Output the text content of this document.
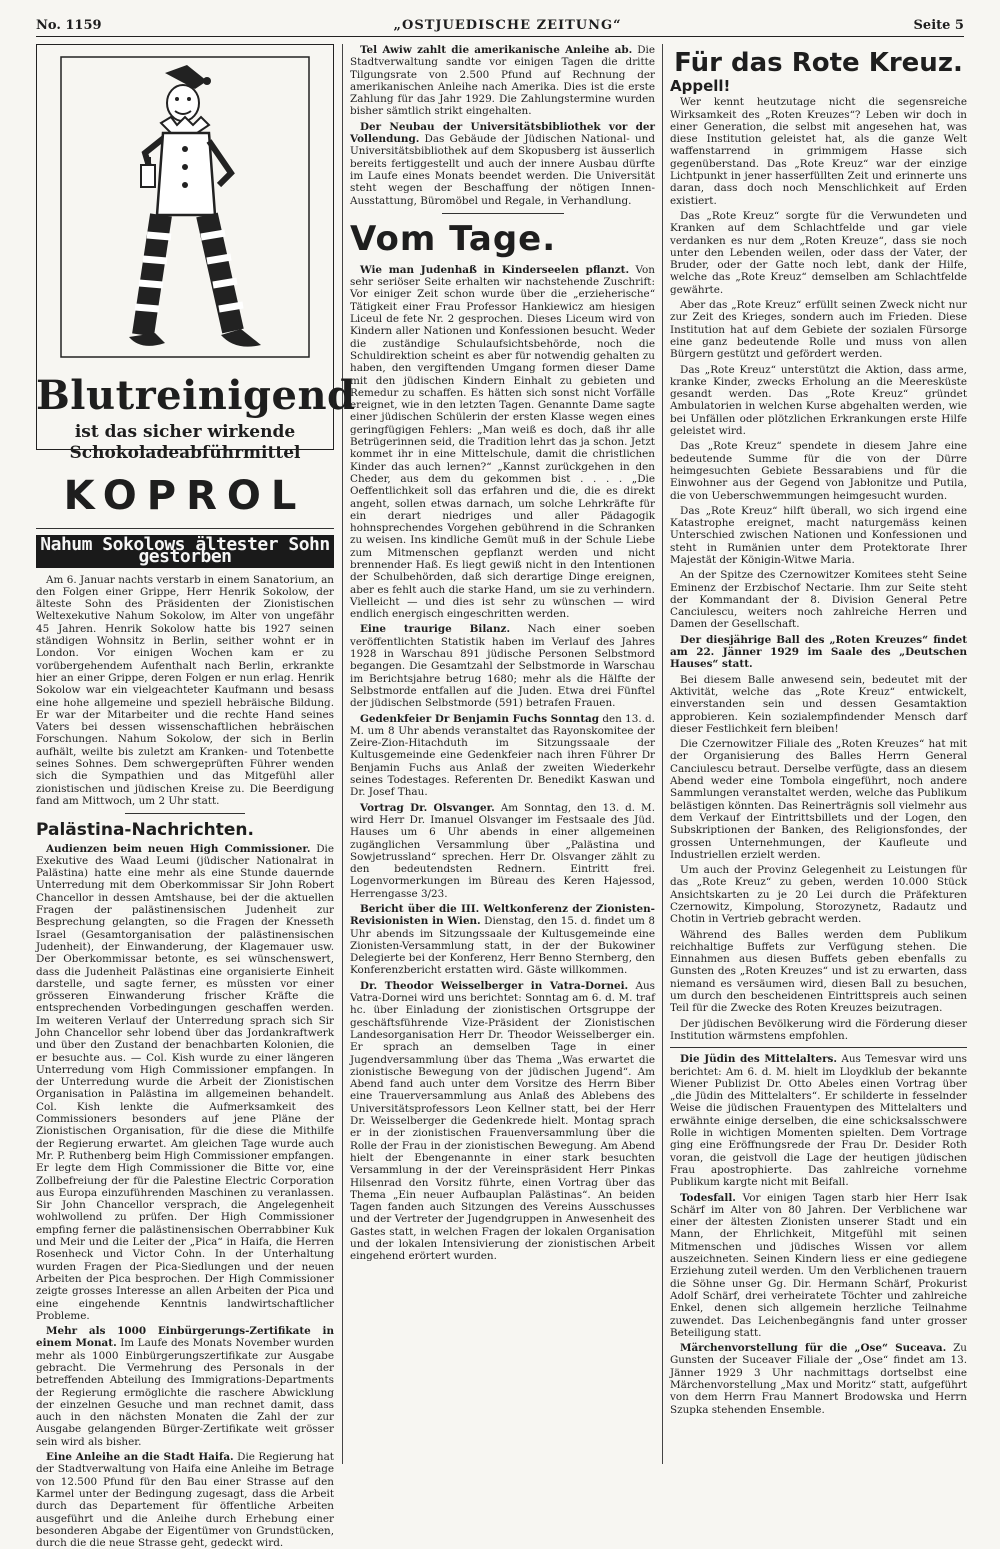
No. 1159	„OSTJUEDISCHE ZEITUNG“	Seite 5
Blutreinigend
ist das sicher wirkende
Schokoladeabführmittel
KOPROL
Nahum Sokolows ältester Sohn gestorben

Am 6. Januar nachts verstarb in einem Sanatorium, an den Folgen einer Grippe, Herr Henrik Sokolow, der älteste Sohn des Präsidenten der Zionistischen Weltexekutive Nahum Sokolow, im Alter von ungefähr 45 Jahren. Henrik Sokolow hatte bis 1927 seinen ständigen Wohnsitz in Berlin, seither wohnt er in London. Vor einigen Wochen kam er zu vorübergehendem Aufenthalt nach Berlin, erkrankte hier an einer Grippe, deren Folgen er nun erlag. Henrik Sokolow war ein vielgeachteter Kaufmann und besass eine hohe allgemeine und speziell hebräische Bildung. Er war der Mitarbeiter und die rechte Hand seines Vaters bei dessen wissenschaftlichen hebräischen Forschungen. Nahum Sokolow, der sich in Berlin aufhält, weilte bis zuletzt am Kranken- und Totenbette seines Sohnes. Dem schwergeprüften Führer wenden sich die Sympathien und das Mitgefühl aller zionistischen und jüdischen Kreise zu. Die Beerdigung fand am Mittwoch, um 2 Uhr statt.

Palästina-Nachrichten.

Audienzen beim neuen High Commissioner. Die Exekutive des Waad Leumi (jüdischer Nationalrat in Palästina) hatte eine mehr als eine Stunde dauernde Unterredung mit dem Oberkommissar Sir John Robert Chancellor in dessen Amtshause, bei der die aktuellen Fragen der palästinensischen Judenheit zur Besprechung gelangten, so die Fragen der Knesseth Israel (Gesamtorganisation der palästinensischen Judenheit), der Einwanderung, der Klagemauer usw. Der Oberkommissar betonte, es sei wünschenswert, dass die Judenheit Palästinas eine organisierte Einheit darstelle, und sagte ferner, es müssten vor einer grösseren Einwanderung frischer Kräfte die entsprechenden Vorbedingungen geschaffen werden. Im weiteren Verlauf der Unterredung sprach sich Sir John Chancellor sehr lobend über das Jordankraftwerk und über den Zustand der benachbarten Kolonien, die er besuchte aus. — Col. Kish wurde zu einer längeren Unterredung vom High Commissioner empfangen. In der Unterredung wurde die Arbeit der Zionistischen Organisation in Palästina im allgemeinen behandelt. Col. Kish lenkte die Aufmerksamkeit des Commissioners besonders auf jene Pläne der Zionistischen Organisation, für die diese die Mithilfe der Regierung erwartet. Am gleichen Tage wurde auch Mr. P. Ruthenberg beim High Commissioner empfangen. Er legte dem High Commissioner die Bitte vor, eine Zollbefreiung der für die Palestine Electric Corporation aus Europa einzuführenden Maschinen zu veranlassen. Sir John Chancellor versprach, die Angelegenheit wohlwollend zu prüfen. Der High Commissioner empfing ferner die palästinensischen Oberrabbiner Kuk und Meir und die Leiter der „Pica“ in Haifa, die Herren Rosenheck und Victor Cohn. In der Unterhaltung wurden Fragen der Pica-Siedlungen und der neuen Arbeiten der Pica besprochen. Der High Commissioner zeigte grosses Interesse an allen Arbeiten der Pica und eine eingehende Kenntnis landwirtschaftlicher Probleme.

Mehr als 1000 Einbürgerungs-Zertifikate in einem Monat. Im Laufe des Monats November wurden mehr als 1000 Einbürgerungszertifikate zur Ausgabe gebracht. Die Vermehrung des Personals in der betreffenden Abteilung des Immigrations-Departments der Regierung ermöglichte die raschere Abwicklung der einzelnen Gesuche und man rechnet damit, dass auch in den nächsten Monaten die Zahl der zur Ausgabe gelangenden Bürger-Zertifikate weit grösser sein wird als bisher.

Eine Anleihe an die Stadt Haifa. Die Regierung hat der Stadtverwaltung von Haifa eine Anleihe im Betrage von 12.500 Pfund für den Bau einer Strasse auf den Karmel unter der Bedingung zugesagt, dass die Arbeit durch das Departement für öffentliche Arbeiten ausgeführt und die Anleihe durch Erhebung einer besonderen Abgabe der Eigentümer von Grundstücken, durch die die neue Strasse geht, gedeckt wird.

Tel Awiw zahlt die amerikanische Anleihe ab. Die Stadtverwaltung sandte vor einigen Tagen die dritte Tilgungsrate von 2.500 Pfund auf Rechnung der amerikanischen Anleihe nach Amerika. Dies ist die erste Zahlung für das Jahr 1929. Die Zahlungstermine wurden bisher sämtlich strikt eingehalten.

Der Neubau der Universitätsbibliothek vor der Vollendung. Das Gebäude der Jüdischen National- und Universitätsbibliothek auf dem Skopusberg ist äusserlich bereits fertiggestellt und auch der innere Ausbau dürfte im Laufe eines Monats beendet werden. Die Universität steht wegen der Beschaffung der nötigen Innen-Ausstattung, Büromöbel und Regale, in Verhandlung.

Vom Tage.

Wie man Judenhaß in Kinderseelen pflanzt. Von sehr seriöser Seite erhalten wir nachstehende Zuschrift: Vor einiger Zeit schon wurde über die „erzieherische“ Tätigkeit einer Frau Professor Hankiewicz am hiesigen Liceul de fete Nr. 2 gesprochen. Dieses Liceum wird von Kindern aller Nationen und Konfessionen besucht. Weder die zuständige Schulaufsichtsbehörde, noch die Schuldirektion scheint es aber für notwendig gehalten zu haben, den vergiftenden Umgang formen dieser Dame mit den jüdischen Kindern Einhalt zu gebieten und Remedur zu schaffen. Es hätten sich sonst nicht Vorfälle ereignet, wie in den letzten Tagen. Genannte Dame sagte einer jüdischen Schülerin der ersten Klasse wegen eines geringfügigen Fehlers: „Man weiß es doch, daß ihr alle Betrügerinnen seid, die Tradition lehrt das ja schon. Jetzt kommet ihr in eine Mittelschule, damit die christlichen Kinder das auch lernen?“ „Kannst zurückgehen in den Cheder, aus dem du gekommen bist . . . . „Die Oeffentlichkeit soll das erfahren und die, die es direkt angeht, sollen etwas darnach, um solche Lehrkräfte für ein derart niedriges und aller Pädagogik hohnsprechendes Vorgehen gebührend in die Schranken zu weisen. Ins kindliche Gemüt muß in der Schule Liebe zum Mitmenschen gepflanzt werden und nicht brennender Haß. Es liegt gewiß nicht in den Intentionen der Schulbehörden, daß sich derartige Dinge ereignen, aber es fehlt auch die starke Hand, um sie zu verhindern. Vielleicht — und dies ist sehr zu wünschen — wird endlich energisch eingeschritten werden.

Eine traurige Bilanz. Nach einer soeben veröffentlichten Statistik haben im Verlauf des Jahres 1928 in Warschau 891 jüdische Personen Selbstmord begangen. Die Gesamtzahl der Selbstmorde in Warschau im Berichtsjahre betrug 1680; mehr als die Hälfte der Selbstmorde entfallen auf die Juden. Etwa drei Fünftel der jüdischen Selbstmorde (591) betrafen Frauen.

Gedenkfeier Dr Benjamin Fuchs Sonntag den 13. d. M. um 8 Uhr abends veranstaltet das Rayonskomitee der Zeire-Zion-Hitachduth im Sitzungssaale der Kultusgemeinde eine Gedenkfeier nach ihren Führer Dr Benjamin Fuchs aus Anlaß der zweiten Wiederkehr seines Todestages. Referenten Dr. Benedikt Kaswan und Dr. Josef Thau.

Vortrag Dr. Olsvanger. Am Sonntag, den 13. d. M. wird Herr Dr. Imanuel Olsvanger im Festsaale des Jüd. Hauses um 6 Uhr abends in einer allgemeinen zugänglichen Versammlung über „Palästina und Sowjetrussland“ sprechen. Herr Dr. Olsvanger zählt zu den bedeutendsten Rednern. Eintritt frei. Logenvormerkungen im Büreau des Keren Hajessod, Herrengasse 3/23.

Bericht über die III. Weltkonferenz der Zionisten-Revisionisten in Wien. Dienstag, den 15. d. findet um 8 Uhr abends im Sitzungssaale der Kultusgemeinde eine Zionisten-Versammlung statt, in der der Bukowiner Delegierte bei der Konferenz, Herr Benno Sternberg, den Konferenzbericht erstatten wird. Gäste willkommen.

Dr. Theodor Weisselberger in Vatra-Dornei. Aus Vatra-Dornei wird uns berichtet: Sonntag am 6. d. M. traf hc. über Einladung der zionistischen Ortsgruppe der geschäftsführende Vize-Präsident der Zionistischen Landesorganisation Herr Dr. Theodor Weisselberger ein. Er sprach an demselben Tage in einer Jugendversammlung über das Thema „Was erwartet die zionistische Bewegung von der jüdischen Jugend“. Am Abend fand auch unter dem Vorsitze des Herrn Biber eine Trauerversammlung aus Anlaß des Ablebens des Universitätsprofessors Leon Kellner statt, bei der Herr Dr. Weisselberger die Gedenkrede hielt. Montag sprach er in der zionistischen Frauenversammlung über die Rolle der Frau in der zionistischen Bewegung. Am Abend hielt der Ebengenannte in einer stark besuchten Versammlung in der der Vereinspräsident Herr Pinkas Hilsenrad den Vorsitz führte, einen Vortrag über das Thema „Ein neuer Aufbauplan Palästinas“. An beiden Tagen fanden auch Sitzungen des Vereins Ausschusses und der Vertreter der Jugendgruppen in Anwesenheit des Gastes statt, in welchen Fragen der lokalen Organisation und der lokalen Intensivierung der zionistischen Arbeit eingehend erörtert wurden.

Für das Rote Kreuz.
Appell!

Wer kennt heutzutage nicht die segensreiche Wirksamkeit des „Roten Kreuzes“? Leben wir doch in einer Generation, die selbst mit angesehen hat, was diese Institution geleistet hat, als die ganze Welt waffenstarrend in grimmigem Hasse sich gegenüberstand. Das „Rote Kreuz“ war der einzige Lichtpunkt in jener hasserfüllten Zeit und erinnerte uns daran, dass doch noch Menschlichkeit auf Erden existiert.

Das „Rote Kreuz“ sorgte für die Verwundeten und Kranken auf dem Schlachtfelde und gar viele verdanken es nur dem „Roten Kreuze“, dass sie noch unter den Lebenden weilen, oder dass der Vater, der Bruder, oder der Gatte noch lebt, dank der Hilfe, welche das „Rote Kreuz“ demselben am Schlachtfelde gewährte.

Aber das „Rote Kreuz“ erfüllt seinen Zweck nicht nur zur Zeit des Krieges, sondern auch im Frieden. Diese Institution hat auf dem Gebiete der sozialen Fürsorge eine ganz bedeutende Rolle und muss von allen Bürgern gestützt und gefördert werden.

Das „Rote Kreuz“ unterstützt die Aktion, dass arme, kranke Kinder, zwecks Erholung an die Meeresküste gesandt werden. Das „Rote Kreuz“ gründet Ambulatorien in welchen Kurse abgehalten werden, wie bei Unfällen oder plötzlichen Erkrankungen erste Hilfe geleistet wird.

Das „Rote Kreuz“ spendete in diesem Jahre eine bedeutende Summe für die von der Dürre heimgesuchten Gebiete Bessarabiens und für die Einwohner aus der Gegend von Jabłonitze und Putila, die von Ueberschwemmungen heimgesucht wurden.

Das „Rote Kreuz“ hilft überall, wo sich irgend eine Katastrophe ereignet, macht naturgemäss keinen Unterschied zwischen Nationen und Konfessionen und steht in Rumänien unter dem Protektorate Ihrer Majestät der Königin-Witwe Maria.

An der Spitze des Czernowitzer Komitees steht Seine Eminenz der Erzbischof Nectarie. Ihm zur Seite steht der Kommandant der 8. Division General Petre Canciulescu, weiters noch zahlreiche Herren und Damen der Gesellschaft.

Der diesjährige Ball des „Roten Kreuzes“ findet am 22. Jänner 1929 im Saale des „Deutschen Hauses“ statt.

Bei diesem Balle anwesend sein, bedeutet mit der Aktivität, welche das „Rote Kreuz“ entwickelt, einverstanden sein und dessen Gesamtaktion approbieren. Kein sozialempfindender Mensch darf dieser Festlichkeit fern bleiben!

Die Czernowitzer Filiale des „Roten Kreuzes“ hat mit der Organisierung des Balles Herrn General Canciulescu betraut. Derselbe verfügte, dass an diesem Abend weder eine Tombola eingeführt, noch andere Sammlungen veranstaltet werden, welche das Publikum belästigen könnten. Das Reinerträgnis soll vielmehr aus dem Verkauf der Eintrittsbillets und der Logen, den Subskriptionen der Banken, des Religionsfondes, der grossen Unternehmungen, der Kaufleute und Industriellen erzielt werden.

Um auch der Provinz Gelegenheit zu Leistungen für das „Rote Kreuz“ zu geben, werden 10.000 Stück Ansichtskarten zu je 20 Lei durch die Präfekturen Czernowitz, Kimpolung, Storozynetz, Radautz und Chotin in Vertrieb gebracht werden.

Während des Balles werden dem Publikum reichhaltige Buffets zur Verfügung stehen. Die Einnahmen aus diesen Buffets geben ebenfalls zu Gunsten des „Roten Kreuzes“ und ist zu erwarten, dass niemand es versäumen wird, diesen Ball zu besuchen, um durch den bescheidenen Eintrittspreis auch seinen Teil für die Zwecke des Roten Kreuzes beizutragen.

Der jüdischen Bevölkerung wird die Förderung dieser Institution wärmstens empfohlen.

Die Jüdin des Mittelalters. Aus Temesvar wird uns berichtet: Am 6. d. M. hielt im Lloydklub der bekannte Wiener Publizist Dr. Otto Abeles einen Vortrag über „die Jüdin des Mittelalters“. Er schilderte in fesselnder Weise die jüdischen Frauentypen des Mittelalters und erwähnte einige derselben, die eine schicksalsschwere Rolle in wichtigen Momenten spielten. Dem Vortrage ging eine Eröffnungsrede der Frau Dr. Desider Roth voran, die geistvoll die Lage der heutigen jüdischen Frau apostrophierte. Das zahlreiche vornehme Publikum kargte nicht mit Beifall.

Todesfall. Vor einigen Tagen starb hier Herr Isak Schärf im Alter von 80 Jahren. Der Verblichene war einer der ältesten Zionisten unserer Stadt und ein Mann, der Ehrlichkeit, Mitgefühl mit seinen Mitmenschen und jüdisches Wissen vor allem auszeichneten. Seinen Kindern liess er eine gediegene Erziehung zuteil werden. Um den Verblichenen trauern die Söhne unser Gg. Dir. Hermann Schärf, Prokurist Adolf Schärf, drei verheiratete Töchter und zahlreiche Enkel, denen sich allgemein herzliche Teilnahme zuwendet. Das Leichenbegängnis fand unter grosser Beteiligung statt.

Märchenvorstellung für die „Ose“ Suceava. Zu Gunsten der Suceaver Filiale der „Ose“ findet am 13. Jänner 1929 3 Uhr nachmittags dortselbst eine Märchenvorstellung „Max und Moritz“ statt, aufgeführt von dem Herrn Frau Mannert Brodowska und Herrn Szupka stehenden Ensemble.
